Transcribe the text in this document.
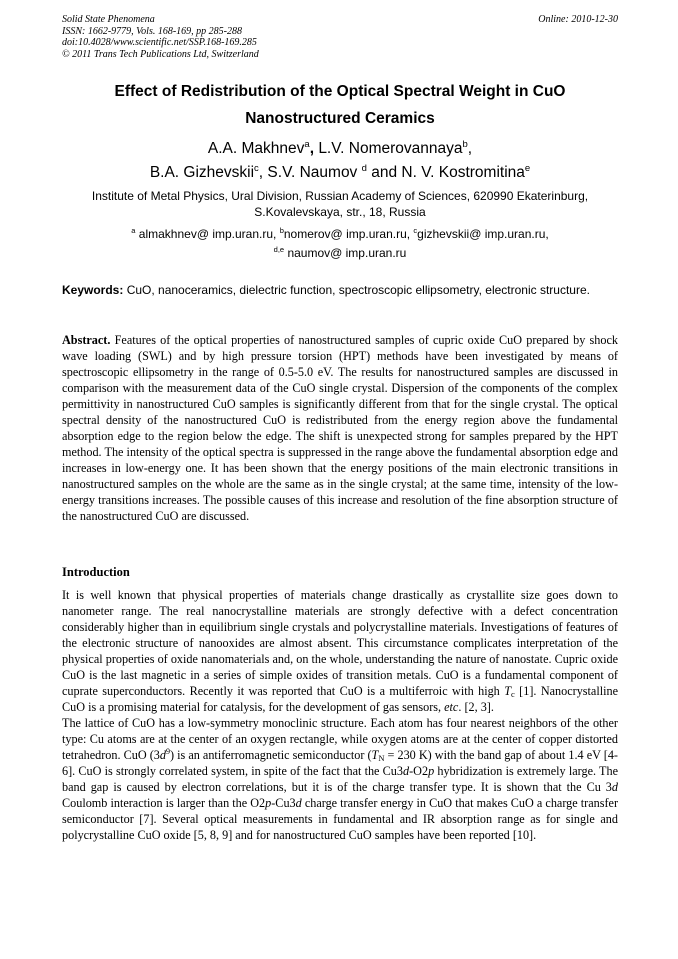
Solid State Phenomena
ISSN: 1662-9779, Vols. 168-169, pp 285-288
doi:10.4028/www.scientific.net/SSP.168-169.285
© 2011 Trans Tech Publications Ltd, Switzerland
Online: 2010-12-30
Effect of Redistribution of the Optical Spectral Weight in CuO
Nanostructured Ceramics
A.A. Makhnev$^a$, L.V. Nomerovannaya$^b$,
B.A. Gizhevskii$^c$, S.V. Naumov $^d$ and N. V. Kostromitina$^e$
Institute of Metal Physics, Ural Division, Russian Academy of Sciences, 620990 Ekaterinburg,
S.Kovalevskaya, str., 18, Russia
$^a$ almakhnev@ imp.uran.ru, $^b$nomerov@ imp.uran.ru, $^c$gizhevskii@ imp.uran.ru,
$^{d,e}$ naumov@ imp.uran.ru
Keywords: CuO, nanoceramics, dielectric function, spectroscopic ellipsometry, electronic structure.
Abstract. Features of the optical properties of nanostructured samples of cupric oxide CuO prepared by shock wave loading (SWL) and by high pressure torsion (HPT) methods have been investigated by means of spectroscopic ellipsometry in the range of 0.5-5.0 eV. The results for nanostructured samples are discussed in comparison with the measurement data of the CuO single crystal. Dispersion of the components of the complex permittivity in nanostructured CuO samples is significantly different from that for the single crystal. The optical spectral density of the nanostructured CuO is redistributed from the energy region above the fundamental absorption edge to the region below the edge. The shift is unexpected strong for samples prepared by the HPT method. The intensity of the optical spectra is suppressed in the range above the fundamental absorption edge and increases in low-energy one. It has been shown that the energy positions of the main electronic transitions in nanostructured samples on the whole are the same as in the single crystal; at the same time, intensity of the low-energy transitions increases. The possible causes of this increase and resolution of the fine absorption structure of the nanostructured CuO are discussed.
Introduction

It is well known that physical properties of materials change drastically as crystallite size goes down to nanometer range. The real nanocrystalline materials are strongly defective with a defect concentration considerably higher than in equilibrium single crystals and polycrystalline materials. Investigations of features of the electronic structure of nanooxides are almost absent. This circumstance complicates interpretation of the physical properties of oxide nanomaterials and, on the whole, understanding the nature of nanostate. Cupric oxide CuO is the last magnetic in a series of simple oxides of transition metals. CuO is a fundamental component of cuprate superconductors. Recently it was reported that CuO is a multiferroic with high $T_c$ [1]. Nanocrystalline CuO is a promising material for catalysis, for the development of gas sensors, etc. [2, 3].

The lattice of CuO has a low-symmetry monoclinic structure. Each atom has four nearest neighbors of the other type: Cu atoms are at the center of an oxygen rectangle, while oxygen atoms are at the center of copper distorted tetrahedron. CuO $(3d^9)$ is an antiferromagnetic semiconductor ($T_N = 230$ K) with the band gap of about 1.4 eV [4-6]. CuO is strongly correlated system, in spite of the fact that the Cu3d-O2p hybridization is extremely large. The band gap is caused by electron correlations, but it is of the charge transfer type. It is shown that the Cu 3d Coulomb interaction is larger than the O2p-Cu3d charge transfer energy in CuO that makes CuO a charge transfer semiconductor [7]. Several optical measurements in fundamental and IR absorption range as for single and polycrystalline CuO oxide [5, 8, 9] and for nanostructured CuO samples have been reported [10].
